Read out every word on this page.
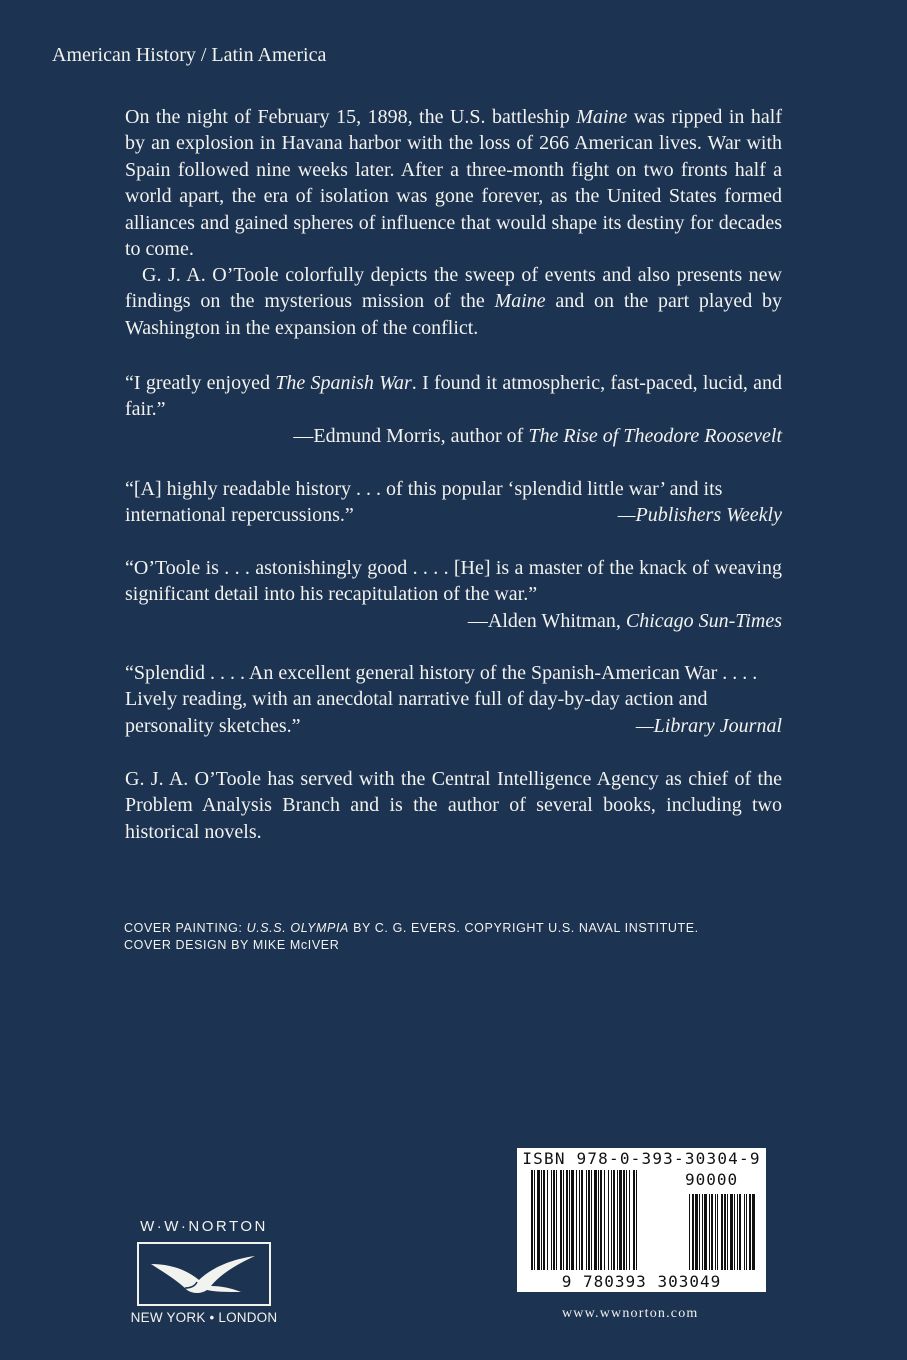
American History / Latin America

On the night of February 15, 1898, the U.S. battleship Maine was ripped in half by an explosion in Havana harbor with the loss of 266 American lives. War with Spain followed nine weeks later. After a three-month fight on two fronts half a world apart, the era of isolation was gone forever, as the United States formed alliances and gained spheres of influence that would shape its destiny for decades to come.

G. J. A. O’Toole colorfully depicts the sweep of events and also presents new findings on the mysterious mission of the Maine and on the part played by Washington in the expansion of the conflict.

“I greatly enjoyed The Spanish War. I found it atmospheric, fast-paced, lucid, and fair.”

—Edmund Morris, author of The Rise of Theodore Roosevelt

“[A] highly readable history . . . of this popular ‘splendid little war’ and its international repercussions.”	—Publishers Weekly

“O’Toole is . . . astonishingly good . . . . [He] is a master of the knack of weaving significant detail into his recapitulation of the war.”

—Alden Whitman, Chicago Sun-Times

“Splendid . . . . An excellent general history of the Spanish-American War . . . . Lively reading, with an anecdotal narrative full of day-by-day action and personality sketches.”	—Library Journal

G. J. A. O’Toole has served with the Central Intelligence Agency as chief of the Problem Analysis Branch and is the author of several books, including two historical novels.

COVER PAINTING: U.S.S. OLYMPIA BY C. G. EVERS. COPYRIGHT U.S. NAVAL INSTITUTE.
COVER DESIGN BY MIKE McIVER
W·W·NORTON
NEW YORK • LONDON
ISBN 978-0-393-30304-9
90000
9 780393 303049
www.wwnorton.com
